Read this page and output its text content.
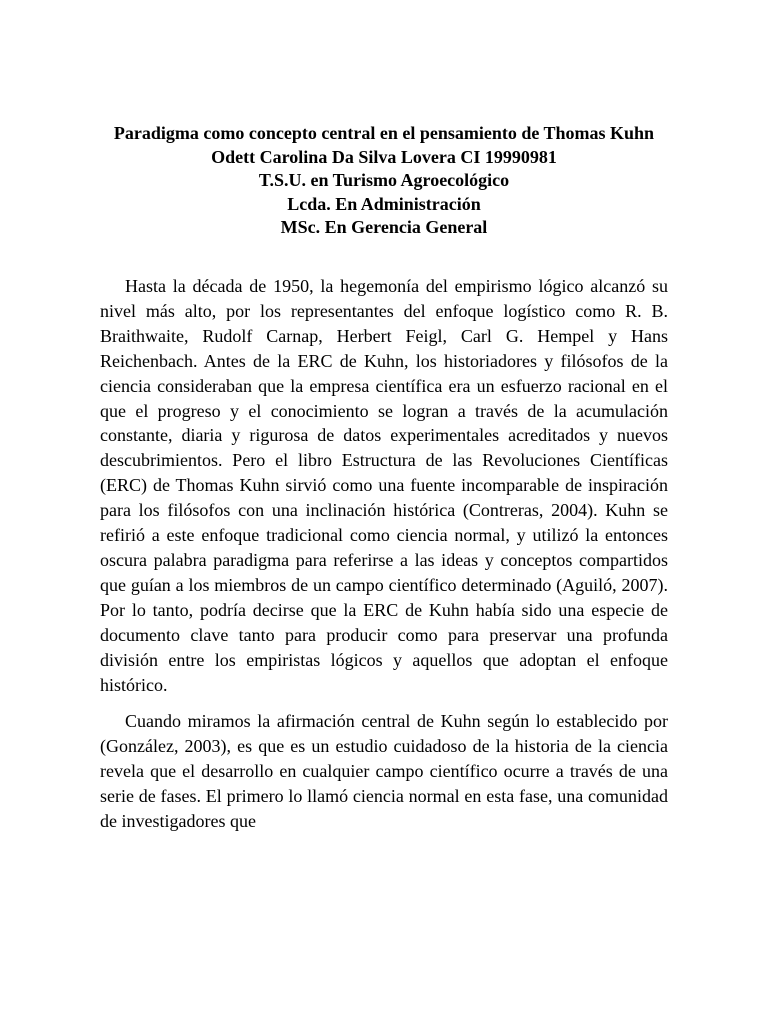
Paradigma como concepto central en el pensamiento de Thomas Kuhn
Odett Carolina Da Silva Lovera CI 19990981
T.S.U. en Turismo Agroecológico
Lcda. En Administración
MSc. En Gerencia General

Hasta la década de 1950, la hegemonía del empirismo lógico alcanzó su nivel más alto, por los representantes del enfoque logístico como R. B. Braithwaite, Rudolf Carnap, Herbert Feigl, Carl G. Hempel y Hans Reichenbach. Antes de la ERC de Kuhn, los historiadores y filósofos de la ciencia consideraban que la empresa científica era un esfuerzo racional en el que el progreso y el conocimiento se logran a través de la acumulación constante, diaria y rigurosa de datos experimentales acreditados y nuevos descubrimientos. Pero el libro Estructura de las Revoluciones Científicas (ERC) de Thomas Kuhn sirvió como una fuente incomparable de inspiración para los filósofos con una inclinación histórica (Contreras, 2004). Kuhn se refirió a este enfoque tradicional como ciencia normal, y utilizó la entonces oscura palabra paradigma para referirse a las ideas y conceptos compartidos que guían a los miembros de un campo científico determinado (Aguiló, 2007). Por lo tanto, podría decirse que la ERC de Kuhn había sido una especie de documento clave tanto para producir como para preservar una profunda división entre los empiristas lógicos y aquellos que adoptan el enfoque histórico.

Cuando miramos la afirmación central de Kuhn según lo establecido por (González, 2003), es que es un estudio cuidadoso de la historia de la ciencia revela que el desarrollo en cualquier campo científico ocurre a través de una serie de fases. El primero lo llamó ciencia normal en esta fase, una comunidad de investigadores que
